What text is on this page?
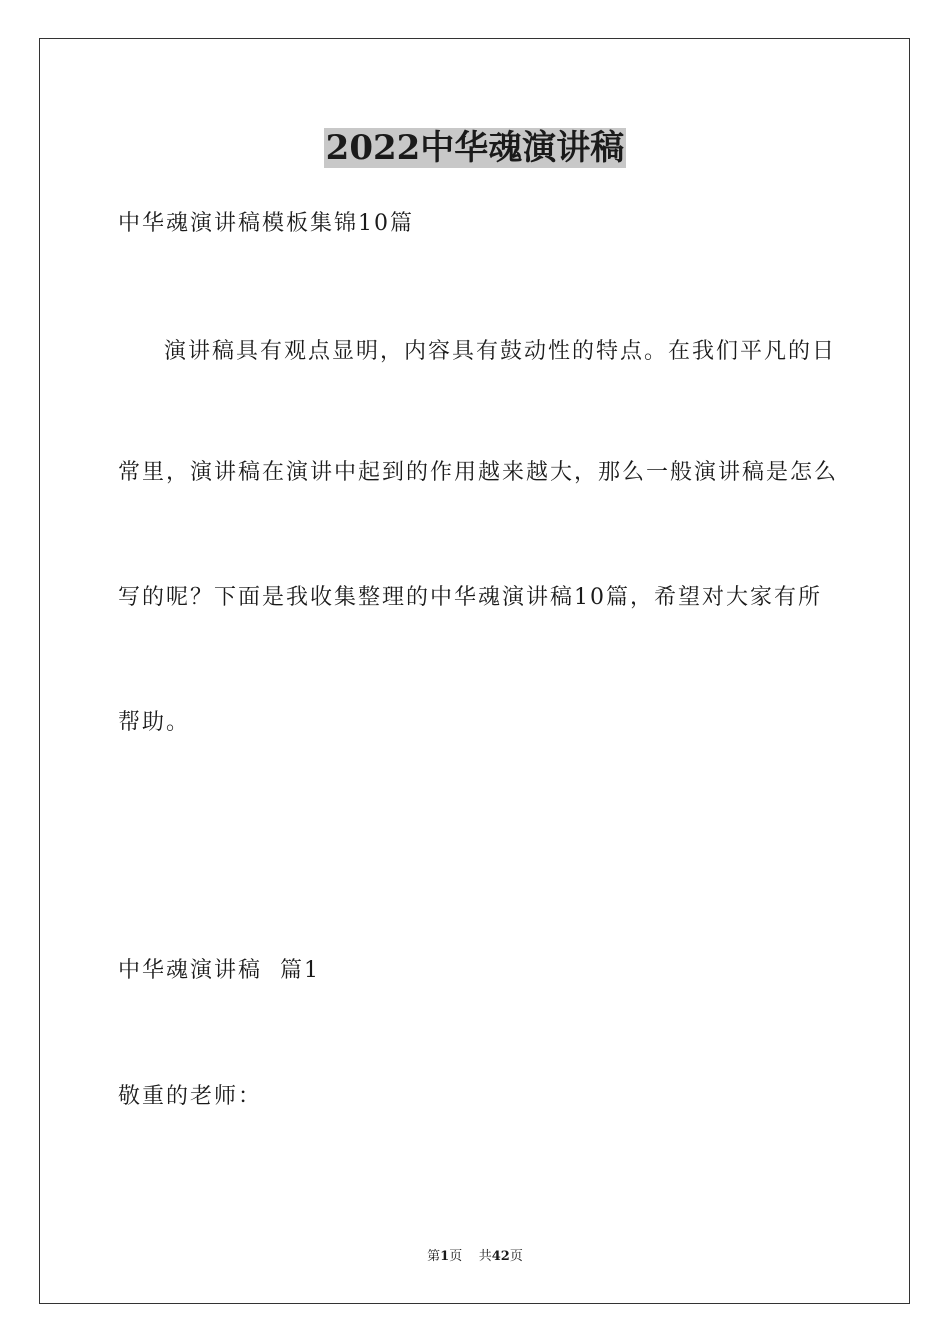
2022中华魂演讲稿
中华魂演讲稿模板集锦10篇
演讲稿具有观点显明，内容具有鼓动性的特点。在我们平凡的日
常里，演讲稿在演讲中起到的作用越来越大，那么一般演讲稿是怎么
写的呢？下面是我收集整理的中华魂演讲稿10篇，希望对大家有所
帮助。
中华魂演讲稿  篇1
敬重的老师：
第1页 共42页
